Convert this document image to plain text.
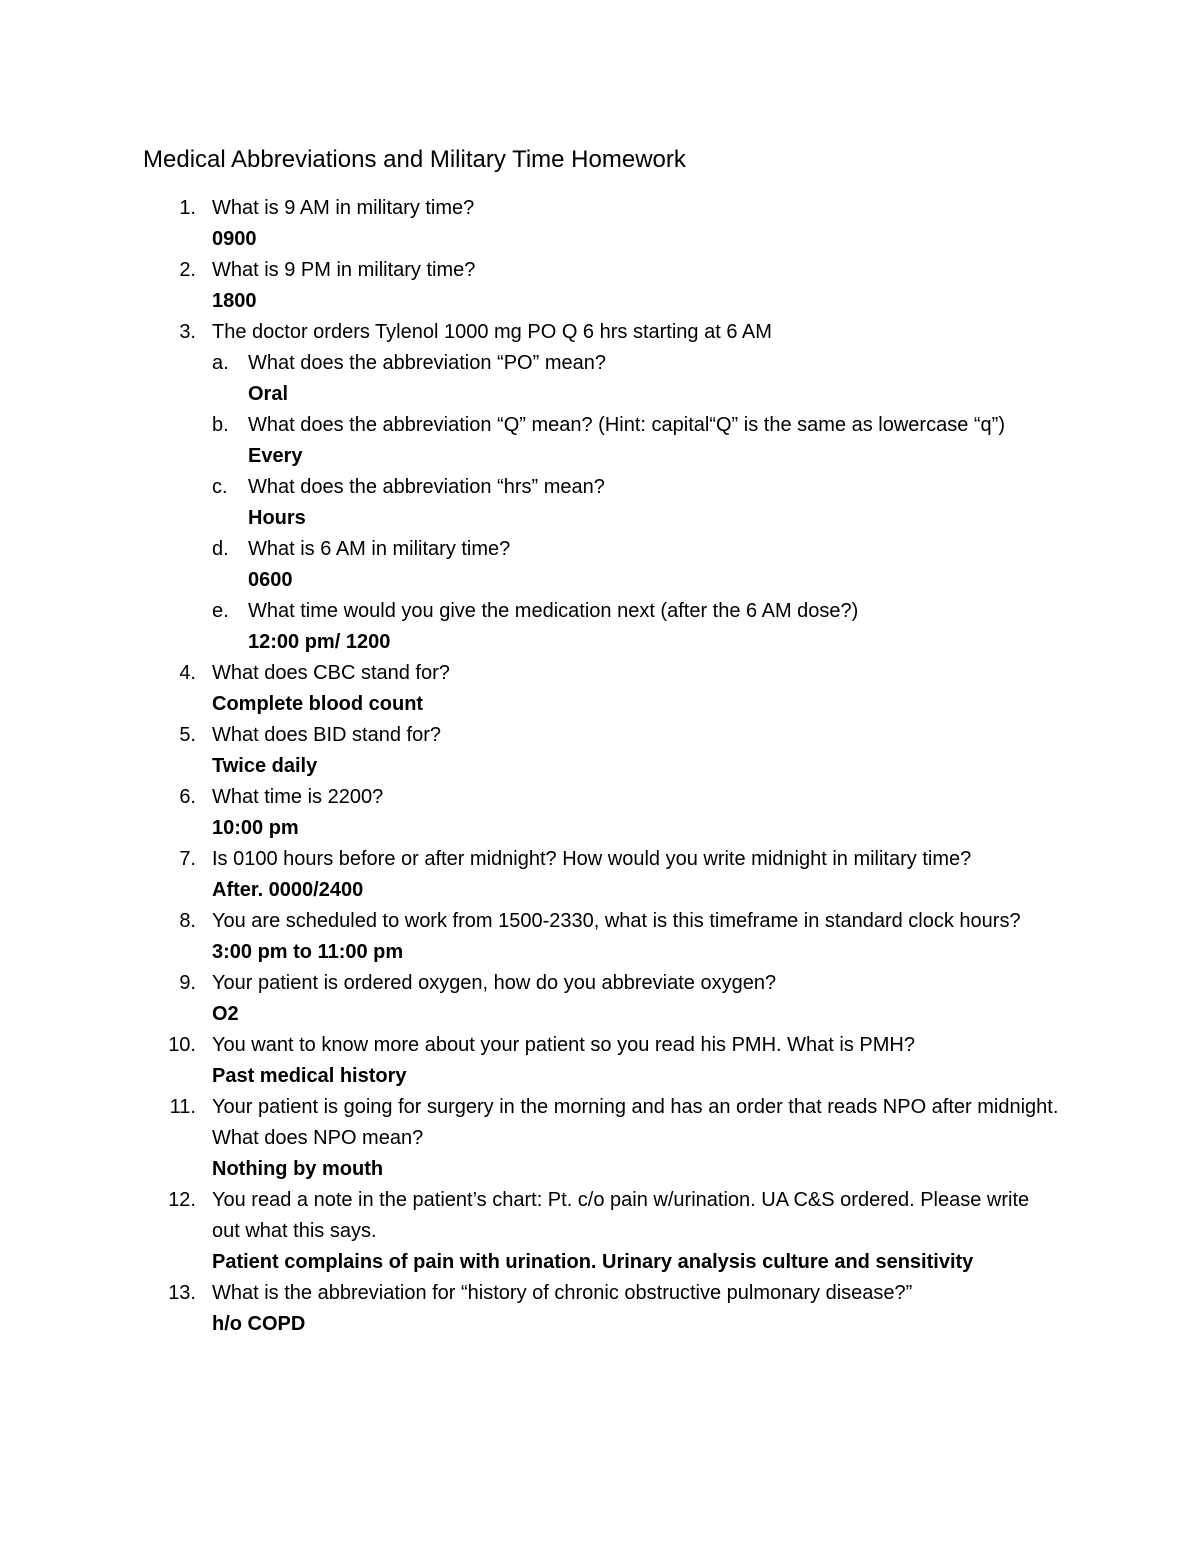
Medical Abbreviations and Military Time Homework
1. What is 9 AM in military time?
0900
2. What is 9 PM in military time?
1800
3. The doctor orders Tylenol 1000 mg PO Q 6 hrs starting at 6 AM
a. What does the abbreviation “PO” mean?
Oral
b. What does the abbreviation “Q” mean? (Hint: capital“Q” is the same as lowercase “q”)
Every
c.	What does the abbreviation “hrs” mean?
Hours
d. What is 6 AM in military time?
0600
e. What time would you give the medication next (after the 6 AM dose?)
12:00 pm/ 1200
4. What does CBC stand for?
Complete blood count
5. What does BID stand for?
Twice daily
6. What time is 2200?
10:00 pm
7. Is 0100 hours before or after midnight? How would you write midnight in military time?
After. 0000/2400
8. You are scheduled to work from 1500-2330, what is this timeframe in standard clock hours?
3:00 pm to 11:00 pm
9. Your patient is ordered oxygen, how do you abbreviate oxygen?
O2
10. You want to know more about your patient so you read his PMH. What is PMH?
Past medical history
11. Your patient is going for surgery in the morning and has an order that reads NPO after midnight. What does NPO mean?
Nothing by mouth
12. You read a note in the patient’s chart: Pt. c/o pain w/urination. UA C&S ordered. Please write out what this says.
Patient complains of pain with urination. Urinary analysis culture and sensitivity
13. What is the abbreviation for “history of chronic obstructive pulmonary disease?”
h/o COPD
